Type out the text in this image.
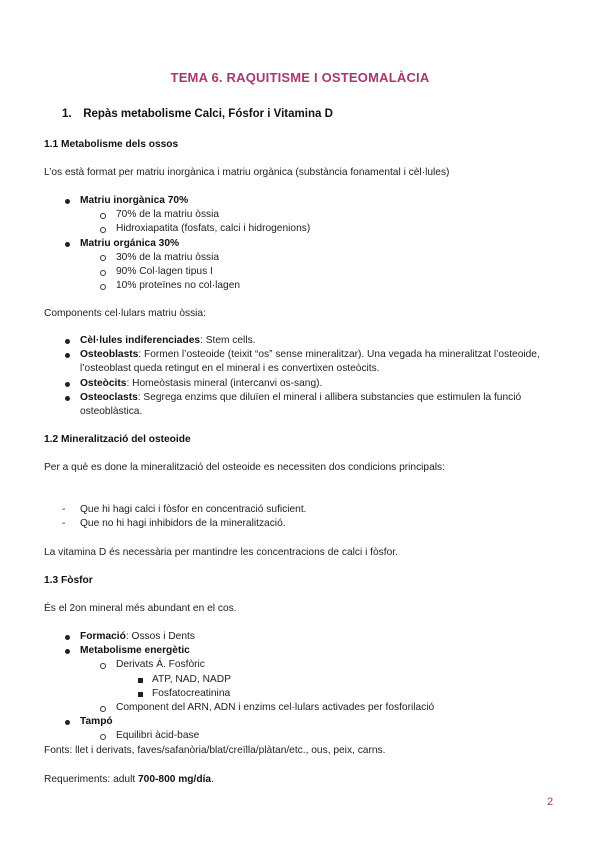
TEMA 6. RAQUITISME I OSTEOMALÀCIA
1. Repàs metabolisme Calci, Fósfor i Vitamina D
1.1 Metabolisme dels ossos
L’os està format per matriu inorgànica i matriu orgànica (substància fonamental i cèl·lules)
Matriu inorgànica 70%
70% de la matriu òssia
Hidroxiapatita (fosfats, calci i hidrogenions)
Matriu orgánica 30%
30% de la matriu òssia
90% Col·lagen tipus I
10% proteïnes no col·lagen
Components cel·lulars matriu òssia:
Cèl·lules indiferenciades: Stem cells.
Osteoblasts: Formen l’osteoide (teixit “os” sense mineralitzar). Una vegada ha mineralitzat l’osteoide, l’osteoblast queda retingut en el mineral i es convertixen osteòcits.
Osteòcits: Homeòstasis mineral (intercanvi os-sang).
Osteoclasts: Segrega enzims que diluïen el mineral i allibera substancies que estimulen la funció osteoblàstica.
1.2 Mineralització del osteoide
Per a què es done la mineralització del osteoide es necessiten dos condicions principals:
- Que hi hagi calci i fòsfor en concentració suficient.
- Que no hi hagi inhibidors de la mineralització.
La vitamina D és necessària per mantindre les concentracions de calci i fòsfor.
1.3 Fòsfor
És el 2on mineral més abundant en el cos.
Formació: Ossos i Dents
Metabolisme energètic
Derivats Á. Fosfòric
ATP, NAD, NADP
Fosfatocreatinina
Component del ARN, ADN i enzims cel·lulars activades per fosforilació
Tampó
Equilibri àcid-base
Fonts: llet i derivats, faves/safanòria/blat/creïlla/plàtan/etc., ous, peix, carns.
Requeriments: adult 700-800 mg/día.
2
